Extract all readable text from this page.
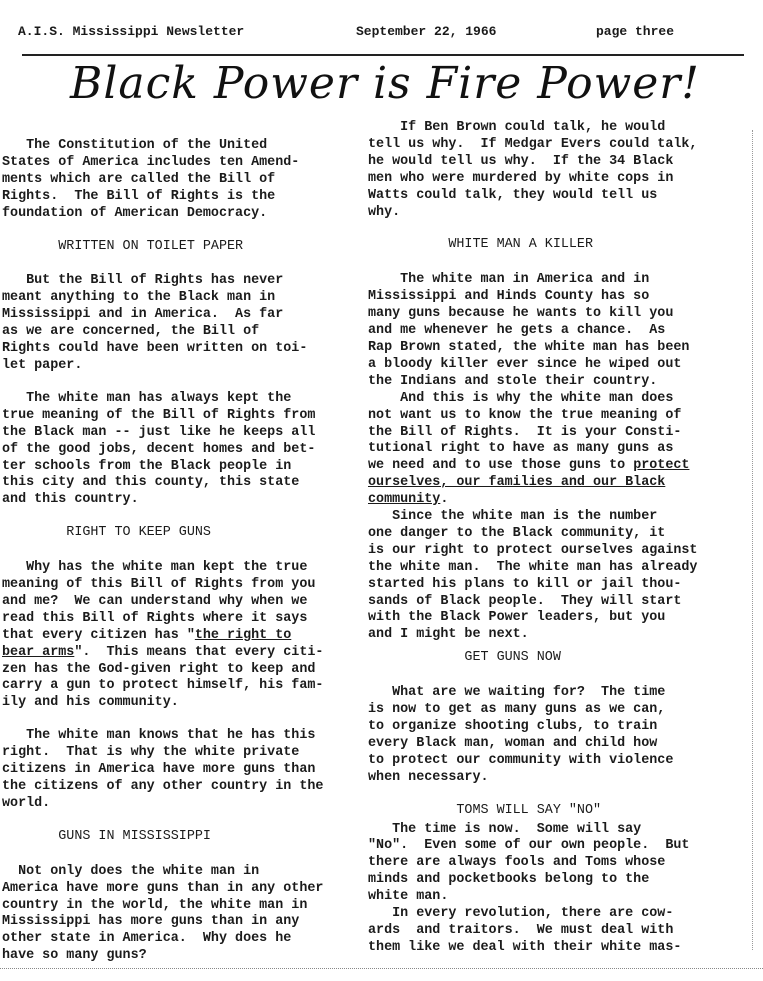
A.I.S. Mississippi Newsletter	September 22, 1966	page three
Black Power is Fire Power!

The Constitution of the United

States of America includes ten Amend-

ments which are called the Bill of

Rights.  The Bill of Rights is the

foundation of American Democracy.

WRITTEN ON TOILET PAPER

But the Bill of Rights has never

meant anything to the Black man in

Mississippi and in America.  As far

as we are concerned, the Bill of

Rights could have been written on toi-

let paper.

The white man has always kept the

true meaning of the Bill of Rights from

the Black man -- just like he keeps all

of the good jobs, decent homes and bet-

ter schools from the Black people in

this city and this county, this state

and this country.

RIGHT TO KEEP GUNS

Why has the white man kept the true

meaning of this Bill of Rights from you

and me?  We can understand why when we

read this Bill of Rights where it says

that every citizen has "the right to

bear arms".  This means that every citi-

zen has the God-given right to keep and

carry a gun to protect himself, his fam-

ily and his community.

The white man knows that he has this

right.  That is why the white private

citizens in America have more guns than

the citizens of any other country in the

world.

GUNS IN MISSISSIPPI

Not only does the white man in

America have more guns than in any other

country in the world, the white man in

Mississippi has more guns than in any

other state in America.  Why does he

have so many guns?

If Ben Brown could talk, he would

tell us why.  If Medgar Evers could talk,

he would tell us why.  If the 34 Black

men who were murdered by white cops in

Watts could talk, they would tell us

why.

WHITE MAN A KILLER

The white man in America and in

Mississippi and Hinds County has so

many guns because he wants to kill you

and me whenever he gets a chance.  As

Rap Brown stated, the white man has been

a bloody killer ever since he wiped out

the Indians and stole their country.

And this is why the white man does

not want us to know the true meaning of

the Bill of Rights.  It is your Consti-

tutional right to have as many guns as

we need and to use those guns to protect

ourselves, our families and our Black

community.

Since the white man is the number

one danger to the Black community, it

is our right to protect ourselves against

the white man.  The white man has already

started his plans to kill or jail thou-

sands of Black people.  They will start

with the Black Power leaders, but you

and I might be next.

GET GUNS NOW

What are we waiting for?  The time

is now to get as many guns as we can,

to organize shooting clubs, to train

every Black man, woman and child how

to protect our community with violence

when necessary.

TOMS WILL SAY "NO"

The time is now.  Some will say

"No".  Even some of our own people.  But

there are always fools and Toms whose

minds and pocketbooks belong to the

white man.

In every revolution, there are cow-

ards  and traitors.  We must deal with

them like we deal with their white mas-
